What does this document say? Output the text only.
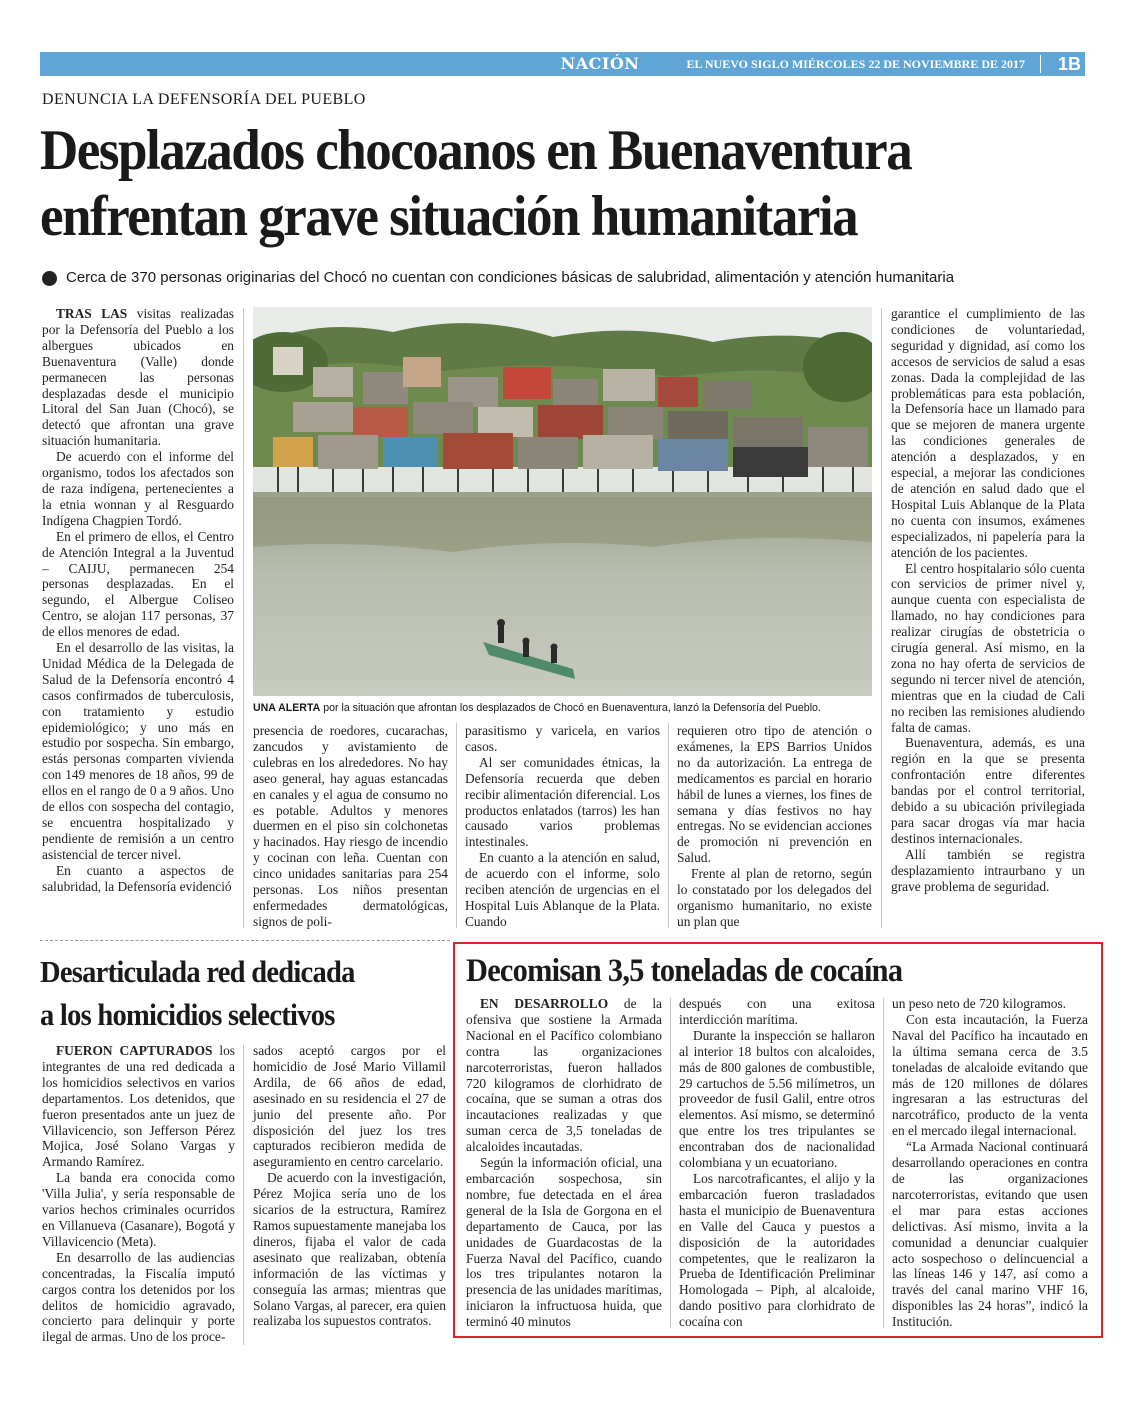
NACIÓN	EL NUEVO SIGLO MIÉRCOLES 22 DE NOVIEMBRE DE 2017 1B
DENUNCIA LA DEFENSORÍA DEL PUEBLO
Desplazados chocoanos en Buenaventura
enfrentan grave situación humanitaria
Cerca de 370 personas originarias del Chocó no cuentan con condiciones básicas de salubridad, alimentación y atención humanitaria

TRAS LAS visitas realizadas por la Defensoría del Pueblo a los albergues ubicados en Buenaventura (Valle) donde permanecen las personas desplazadas desde el municipio Litoral del San Juan (Chocó), se detectó que afrontan una grave situación humanitaria.

De acuerdo con el informe del organismo, todos los afectados son de raza indígena, pertenecientes a la etnia wonnan y al Resguardo Indígena Chagpien Tordó.

En el primero de ellos, el Centro de Atención Integral a la Juventud – CAIJU, permanecen 254 personas desplazadas. En el segundo, el Albergue Coliseo Centro, se alojan 117 personas, 37 de ellos menores de edad.

En el desarrollo de las visitas, la Unidad Médica de la Delegada de Salud de la Defensoría encontró 4 casos confirmados de tuberculosis, con tratamiento y estudio epidemiológico; y uno más en estudio por sospecha. Sin embargo, estás personas comparten vivienda con 149 menores de 18 años, 99 de ellos en el rango de 0 a 9 años. Uno de ellos con sospecha del contagio, se encuentra hospitalizado y pendiente de remisión a un centro asistencial de tercer nivel.

En cuanto a aspectos de salubridad, la Defensoría evidenció

UNA ALERTA por la situación que afrontan los desplazados de Chocó en Buenaventura, lanzó la Defensoría del Pueblo.

presencia de roedores, cucarachas, zancudos y avistamiento de culebras en los alrededores. No hay aseo general, hay aguas estancadas en canales y el agua de consumo no es potable. Adultos y menores duermen en el piso sin colchonetas y hacinados. Hay riesgo de incendio y cocinan con leña. Cuentan con cinco unidades sanitarias para 254 personas. Los niños presentan enfermedades dermatológicas, signos de poli-

parasitismo y varicela, en varios casos.

Al ser comunidades étnicas, la Defensoría recuerda que deben recibir alimentación diferencial. Los productos enlatados (tarros) les han causado varios problemas intestinales.

En cuanto a la atención en salud, de acuerdo con el informe, solo reciben atención de urgencias en el Hospital Luis Ablanque de la Plata. Cuando

requieren otro tipo de atención o exámenes, la EPS Barrios Unidos no da autorización. La entrega de medicamentos es parcial en horario hábil de lunes a viernes, los fines de semana y días festivos no hay entregas. No se evidencian acciones de promoción ni prevención en Salud.

Frente al plan de retorno, según lo constatado por los delegados del organismo humanitario, no existe un plan que

garantice el cumplimiento de las condiciones de voluntariedad, seguridad y dignidad, así como los accesos de servicios de salud a esas zonas. Dada la complejidad de las problemáticas para esta población, la Defensoría hace un llamado para que se mejoren de manera urgente las condiciones generales de atención a desplazados, y en especial, a mejorar las condiciones de atención en salud dado que el Hospital Luis Ablanque de la Plata no cuenta con insumos, exámenes especializados, ni papelería para la atención de los pacientes.

El centro hospitalario sólo cuenta con servicios de primer nivel y, aunque cuenta con especialista de llamado, no hay condiciones para realizar cirugías de obstetricia o cirugía general. Así mismo, en la zona no hay oferta de servicios de segundo ni tercer nivel de atención, mientras que en la ciudad de Cali no reciben las remisiones aludiendo falta de camas.

Buenaventura, además, es una región en la que se presenta confrontación entre diferentes bandas por el control territorial, debido a su ubicación privilegiada para sacar drogas vía mar hacia destinos internacionales.

Allí también se registra desplazamiento intraurbano y un grave problema de seguridad.

Desarticulada red dedicada
a los homicidios selectivos

FUERON CAPTURADOS los integrantes de una red dedicada a los homicidios selectivos en varios departamentos. Los detenidos, que fueron presentados ante un juez de Villavicencio, son Jefferson Pérez Mojica, José Solano Vargas y Armando Ramírez.

La banda era conocida como 'Villa Julia', y sería responsable de varios hechos criminales ocurridos en Villanueva (Casanare), Bogotá y Villavicencio (Meta).

En desarrollo de las audiencias concentradas, la Fiscalía imputó cargos contra los detenidos por los delitos de homicidio agravado, concierto para delinquir y porte ilegal de armas. Uno de los proce-

sados aceptó cargos por el homicidio de José Mario Villamil Ardila, de 66 años de edad, asesinado en su residencia el 27 de junio del presente año. Por disposición del juez los tres capturados recibieron medida de aseguramiento en centro carcelario.

De acuerdo con la investigación, Pérez Mojica sería uno de los sicarios de la estructura, Ramírez Ramos supuestamente manejaba los dineros, fijaba el valor de cada asesinato que realizaban, obtenía información de las víctimas y conseguía las armas; mientras que Solano Vargas, al parecer, era quien realizaba los supuestos contratos.

Decomisan 3,5 toneladas de cocaína

EN DESARROLLO de la ofensiva que sostiene la Armada Nacional en el Pacífico colombiano contra las organizaciones narcoterroristas, fueron hallados 720 kilogramos de clorhidrato de cocaína, que se suman a otras dos incautaciones realizadas y que suman cerca de 3,5 toneladas de alcaloides incautadas.

Según la información oficial, una embarcación sospechosa, sin nombre, fue detectada en el área general de la Isla de Gorgona en el departamento de Cauca, por las unidades de Guardacostas de la Fuerza Naval del Pacífico, cuando los tres tripulantes notaron la presencia de las unidades marítimas, iniciaron la infructuosa huida, que terminó 40 minutos

después con una exitosa interdicción marítima.

Durante la inspección se hallaron al interior 18 bultos con alcaloides, más de 800 galones de combustible, 29 cartuchos de 5.56 milímetros, un proveedor de fusil Galil, entre otros elementos. Así mismo, se determinó que entre los tres tripulantes se encontraban dos de nacionalidad colombiana y un ecuatoriano.

Los narcotraficantes, el alijo y la embarcación fueron trasladados hasta el municipio de Buenaventura en Valle del Cauca y puestos a disposición de la autoridades competentes, que le realizaron la Prueba de Identificación Preliminar Homologada – Piph, al alcaloide, dando positivo para clorhidrato de cocaína con

un peso neto de 720 kilogramos.

Con esta incautación, la Fuerza Naval del Pacífico ha incautado en la última semana cerca de 3.5 toneladas de alcaloide evitando que más de 120 millones de dólares ingresaran a las estructuras del narcotráfico, producto de la venta en el mercado ilegal internacional.

“La Armada Nacional continuará desarrollando operaciones en contra de las organizaciones narcoterroristas, evitando que usen el mar para estas acciones delictivas. Así mismo, invita a la comunidad a denunciar cualquier acto sospechoso o delincuencial a las líneas 146 y 147, así como a través del canal marino VHF 16, disponibles las 24 horas”, indicó la Institución.
